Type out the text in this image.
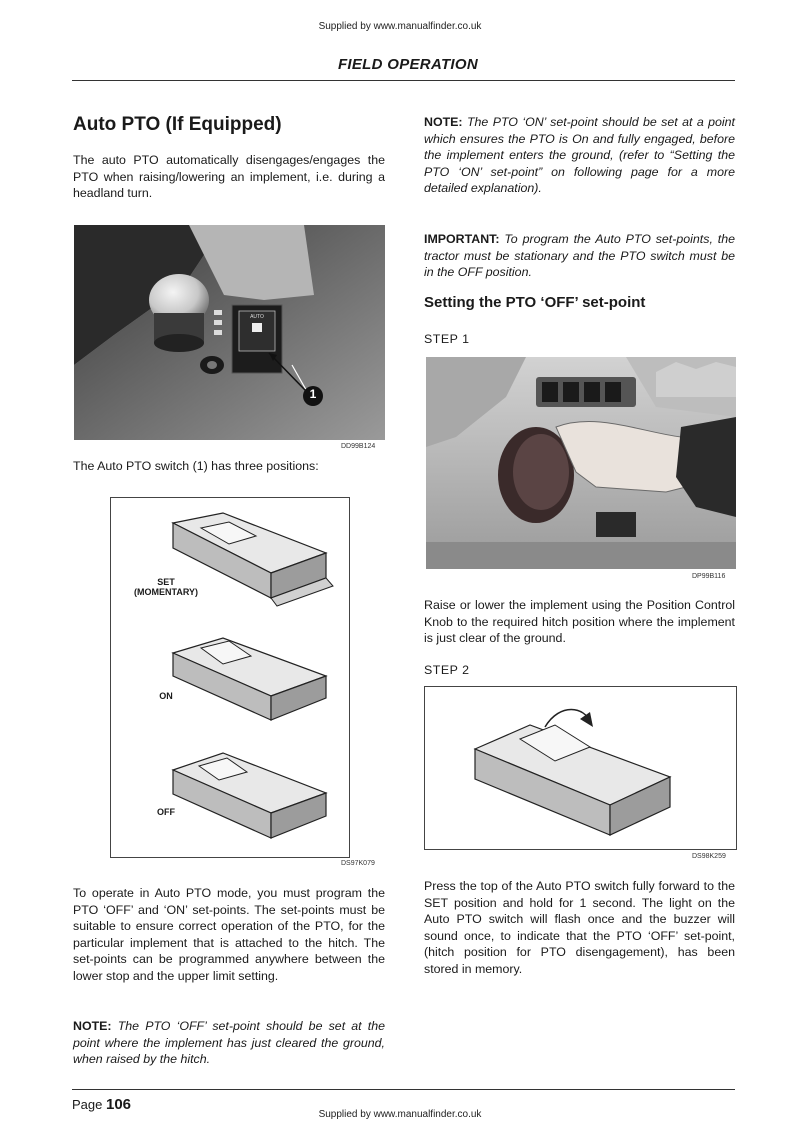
Supplied by www.manualfinder.co.uk
FIELD OPERATION
Auto PTO (If Equipped)
The auto PTO automatically disengages/engages the PTO when raising/lowering an implement, i.e. during a headland turn.
AUTO
1
DD99B124
The Auto PTO switch (1) has three positions:
SET
(MOMENTARY)
ON
OFF
DS97K079
To operate in Auto PTO mode, you must program the PTO ‘OFF’ and ‘ON’ set-points. The set-points must be suitable to ensure correct operation of the PTO, for the particular implement that is attached to the hitch. The set-points can be programmed anywhere between the lower stop and the upper limit setting.
NOTE: The PTO ‘OFF’ set-point should be set at the point where the implement has just cleared the ground, when raised by the hitch.
NOTE: The PTO ‘ON’ set-point should be set at a point which ensures the PTO is On and fully engaged, before the implement enters the ground, (refer to “Setting the PTO ‘ON’ set-point” on following page for a more detailed explanation).
IMPORTANT: To program the Auto PTO set-points, the tractor must be stationary and the PTO switch must be in the OFF position.
Setting the PTO ‘OFF’ set-point
STEP 1
DP99B116
Raise or lower the implement using the Position Control Knob to the required hitch position where the implement is just clear of the ground.
STEP 2
DS98K259
Press the top of the Auto PTO switch fully forward to the SET position and hold for 1 second. The light on the Auto PTO switch will flash once and the buzzer will sound once, to indicate that the PTO ‘OFF’ set-point, (hitch position for PTO disengagement), has been stored in memory.
Page 106
Supplied by www.manualfinder.co.uk
